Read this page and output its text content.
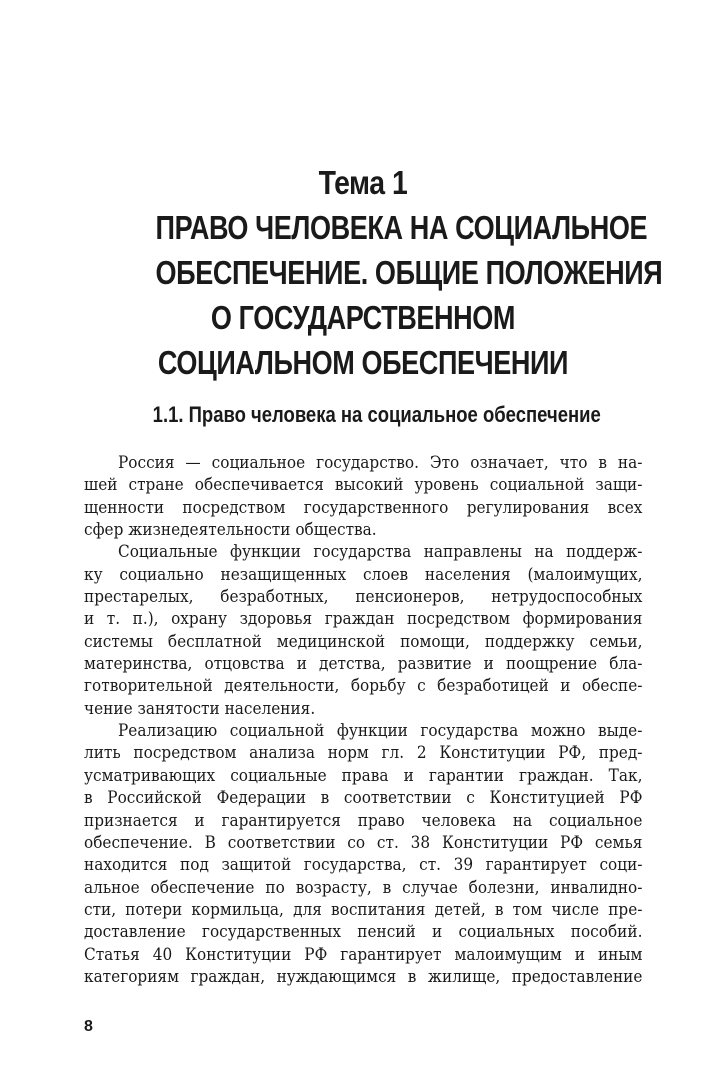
Тема 1
ПРАВО ЧЕЛОВЕКА НА СОЦИАЛЬНОЕ
ОБЕСПЕЧЕНИЕ. ОБЩИЕ ПОЛОЖЕНИЯ
О ГОСУДАРСТВЕННОМ
СОЦИАЛЬНОМ ОБЕСПЕЧЕНИИ
1.1. Право человека на социальное обеспечение
Россия — социальное государство. Это означает, что в на-
шей стране обеспечивается высокий уровень социальной защи-
щенности посредством государственного регулирования всех
сфер жизнедеятельности общества.
Социальные функции государства направлены на поддерж-
ку социально незащищенных слоев населения (малоимущих,
престарелых, безработных, пенсионеров, нетрудоспособных
и т. п.), охрану здоровья граждан посредством формирования
системы бесплатной медицинской помощи, поддержку семьи,
материнства, отцовства и детства, развитие и поощрение бла-
готворительной деятельности, борьбу с безработицей и обеспе-
чение занятости населения.
Реализацию социальной функции государства можно выде-
лить посредством анализа норм гл. 2 Конституции РФ, пред-
усматривающих социальные права и гарантии граждан. Так,
в Российской Федерации в соответствии с Конституцией РФ
признается и гарантируется право человека на социальное
обеспечение. В соответствии со ст. 38 Конституции РФ семья
находится под защитой государства, ст. 39 гарантирует соци-
альное обеспечение по возрасту, в случае болезни, инвалидно-
сти, потери кормильца, для воспитания детей, в том числе пре-
доставление государственных пенсий и социальных пособий.
Статья 40 Конституции РФ гарантирует малоимущим и иным
категориям граждан, нуждающимся в жилище, предоставление
8
